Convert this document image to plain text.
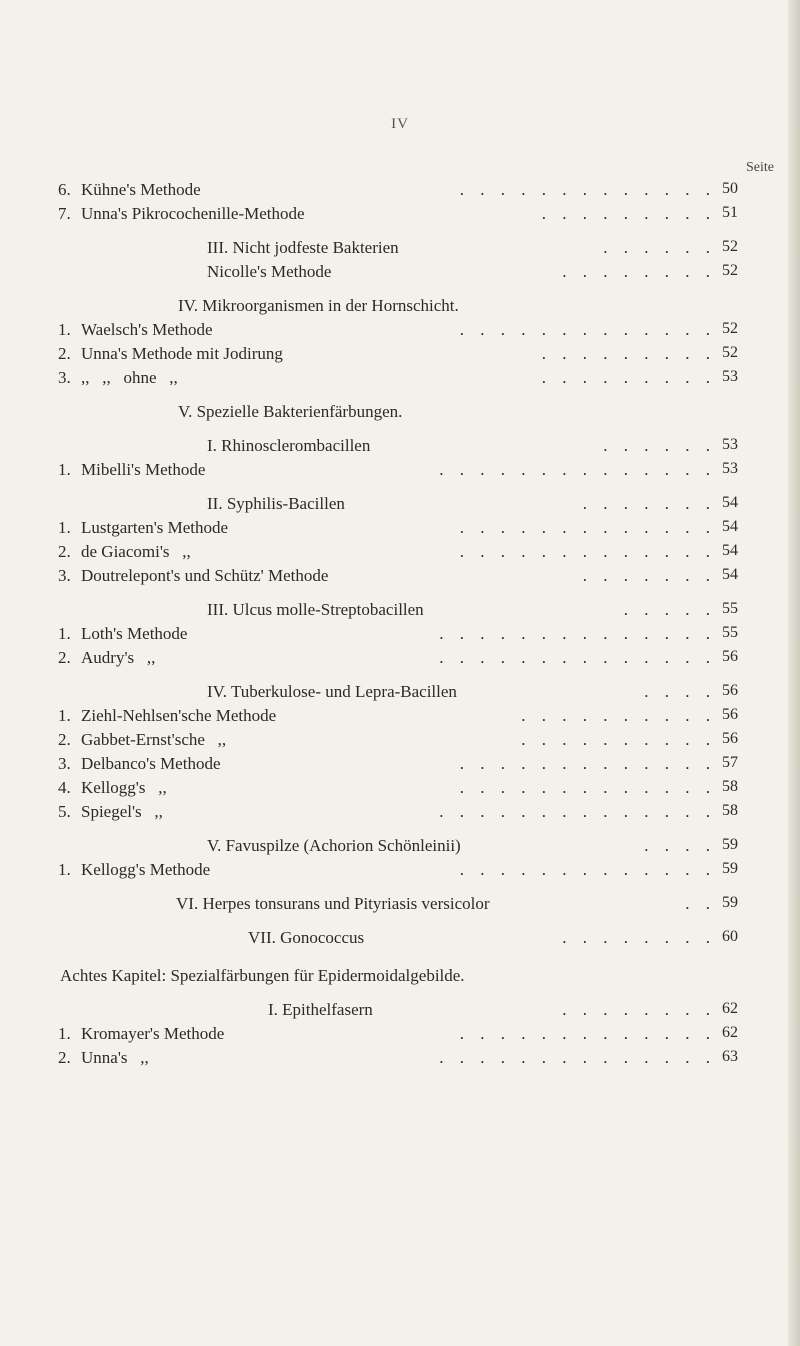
IV
Seite
6. Kühne's Methode	. . . . . . . . . . . . . 50
7. Unna's Pikrocochenille-Methode	. . . . . . . . . 51
III. Nicht jodfeste Bakterien	. . . . . . 52
Nicolle's Methode	. . . . . . . . 52
IV. Mikroorganismen in der Hornschicht.
1. Waelsch's Methode	. . . . . . . . . . . . . 52
2. Unna's Methode mit Jodirung	. . . . . . . . . 52
3. ,,   ,,   ohne   ,,	. . . . . . . . . 53
V. Spezielle Bakterienfärbungen.
I. Rhinosclerombacillen	. . . . . . 53
1. Mibelli's Methode	. . . . . . . . . . . . . . 53
II. Syphilis-Bacillen	. . . . . . . 54
1. Lustgarten's Methode	. . . . . . . . . . . . . 54
2. de Giacomi's   ,,	. . . . . . . . . . . . . 54
3. Doutrelepont's und Schütz' Methode	. . . . . . . 54
III. Ulcus molle-Streptobacillen	. . . . . 55
1. Loth's Methode	. . . . . . . . . . . . . . 55
2. Audry's   ,,	. . . . . . . . . . . . . . 56
IV. Tuberkulose- und Lepra-Bacillen	. . . . 56
1. Ziehl-Nehlsen'sche Methode	. . . . . . . . . . 56
2. Gabbet-Ernst'sche   ,,	. . . . . . . . . . 56
3. Delbanco's Methode	. . . . . . . . . . . . . 57
4. Kellogg's   ,,	. . . . . . . . . . . . . 58
5. Spiegel's   ,,	. . . . . . . . . . . . . . 58
V. Favuspilze (Achorion Schönleinii)	. . . . 59
1. Kellogg's Methode	. . . . . . . . . . . . . 59
VI. Herpes tonsurans und Pityriasis versicolor	. . 59
VII. Gonococcus	. . . . . . . . 60
Achtes Kapitel: Spezialfärbungen für Epidermoidalgebilde.
I. Epithelfasern	. . . . . . . . 62
1. Kromayer's Methode	. . . . . . . . . . . . . 62
2. Unna's   ,,	. . . . . . . . . . . . . . 63
